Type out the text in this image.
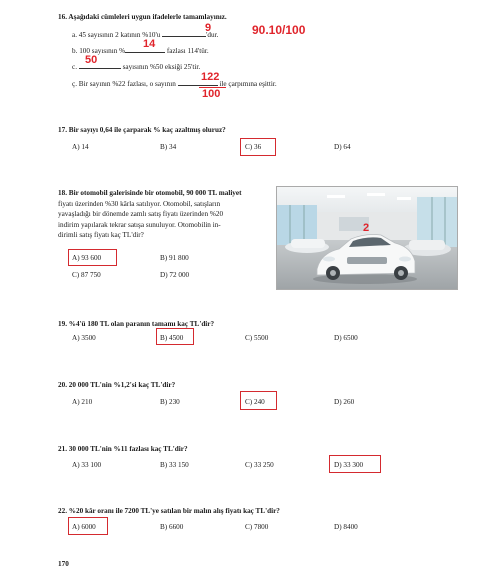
16. Aşağıdaki cümleleri uygun ifadelerle tamamlayınız.
a. 45 sayısının 2 katının %10'u	'dur.
9	90.10/100
b. 100 sayısının %	fazlası 114'tür.
14
c.	sayısının %50 eksiği 25'tir.
50
ç. Bir sayının %22 fazlası, o sayının	ile çarpımına eşittir.
122
100
17. Bir sayıyı 0,64 ile çarparak % kaç azaltmış oluruz?
A) 14	B) 34	C) 36	D) 64
18. Bir otomobil galerisinde bir otomobil, 90 000 TL maliyet
fiyatı üzerinden %30 kârla satılıyor. Otomobil, satışların
yavaşladığı bir dönemde zamlı satış fiyatı üzerinden %20
indirim yapılarak tekrar satışa sunuluyor. Otomobilin in-
dirimli satış fiyatı kaç TL'dir?
A) 93 600	B) 91 800
C) 87 750	D) 72 000
2
19. %4'ü 180 TL olan paranın tamamı kaç TL'dir?
A) 3500	B) 4500	C) 5500	D) 6500
20. 20 000 TL'nin %1,2'si kaç TL'dir?
A) 210	B) 230	C) 240	D) 260
21. 30 000 TL'nin %11 fazlası kaç TL'dir?
A) 33 100	B) 33 150	C) 33 250	D) 33 300
22. %20 kâr oranı ile 7200 TL'ye satılan bir malın alış fiyatı kaç TL'dir?
A) 6000	B) 6600	C) 7800	D) 8400
170
